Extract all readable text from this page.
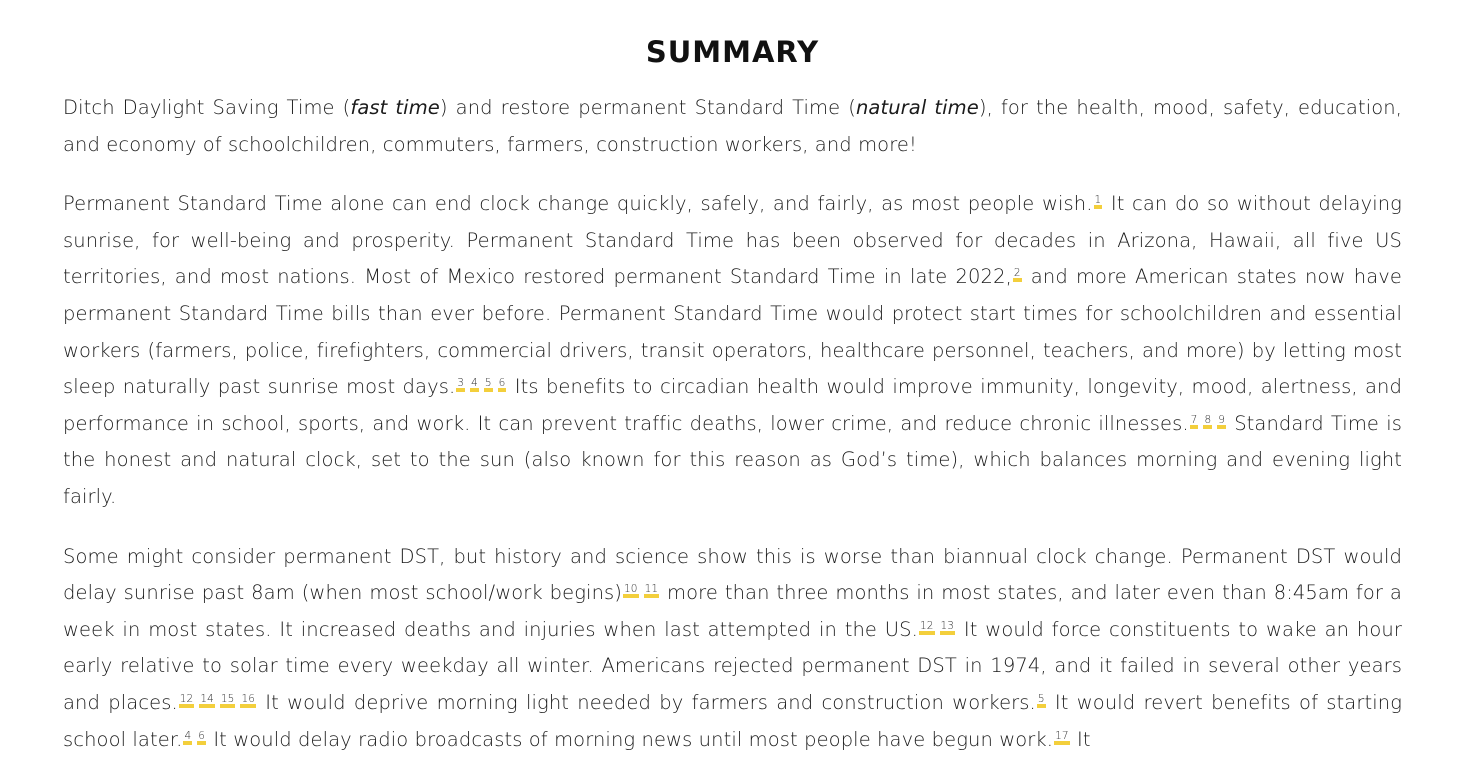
SUMMARY

Ditch Daylight Saving Time (fast time) and restore permanent Standard Time (natural time), for the health, mood, safety, education, and economy of schoolchildren, commuters, farmers, construction workers, and more!

Permanent Standard Time alone can end clock change quickly, safely, and fairly, as most people wish. 1 It can do so without delaying sunrise, for well-being and prosperity. Permanent Standard Time has been observed for decades in Arizona, Hawaii, all five US territories, and most nations. Most of Mexico restored permanent Standard Time in late 2022, 2 and more American states now have permanent Standard Time bills than ever before. Permanent Standard Time would protect start times for schoolchildren and essential workers (farmers, police, firefighters, commercial drivers, transit operators, healthcare personnel, teachers, and more) by letting most sleep naturally past sunrise most days. 3 4 5 6 Its benefits to circadian health would improve immunity, longevity, mood, alertness, and performance in school, sports, and work. It can prevent traffic deaths, lower crime, and reduce chronic illnesses. 7 8 9 Standard Time is the honest and natural clock, set to the sun (also known for this reason as God’s time), which balances morning and evening light fairly.

Some might consider permanent DST, but history and science show this is worse than biannual clock change. Permanent DST would delay sunrise past 8am (when most school/work begins) 10 11 more than three months in most states, and later even than 8:45am for a week in most states. It increased deaths and injuries when last attempted in the US. 12 13 It would force constituents to wake an hour early relative to solar time every weekday all winter. Americans rejected permanent DST in 1974, and it failed in several other years and places. 12 14 15 16 It would deprive morning light needed by farmers and construction workers. 5 It would revert benefits of starting school later. 4 6 It would delay radio broadcasts of morning news until most people have begun work. 17 It
